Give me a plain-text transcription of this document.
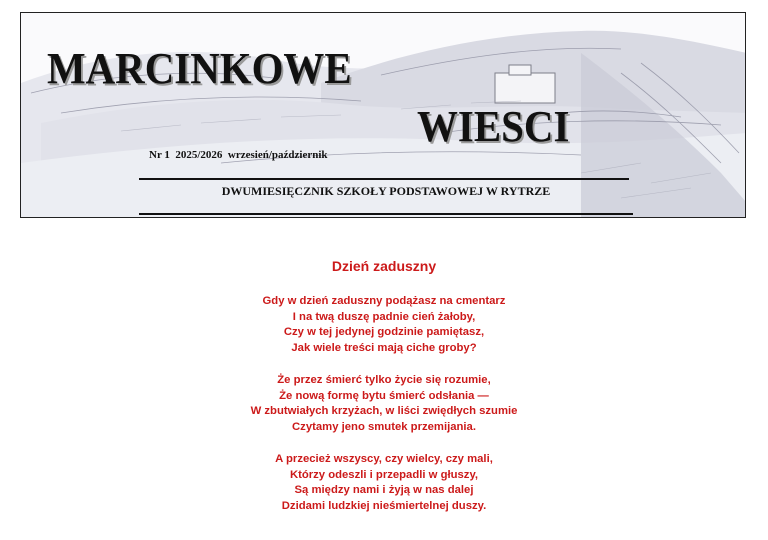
MARCINKOWE
WIESCI
Nr 1  2025/2026  wrzesień/październik
DWUMIESIĘCZNIK SZKOŁY PODSTAWOWEJ W RYTRZE
Dzień zaduszny

Gdy w dzień zaduszny podążasz na cmentarz

I na twą duszę padnie cień żałoby,

Czy w tej jedynej godzinie pamiętasz,

Jak wiele treści mają ciche groby?

Że przez śmierć tylko życie się rozumie,

Że nową formę bytu śmierć odsłania —

W zbutwiałych krzyżach, w liści zwiędłych szumie

Czytamy jeno smutek przemijania.

A przecież wszyscy, czy wielcy, czy mali,

Którzy odeszli i przepadli w głuszy,

Są między nami i żyją w nas dalej

Dzidami ludzkiej nieśmiertelnej duszy.
